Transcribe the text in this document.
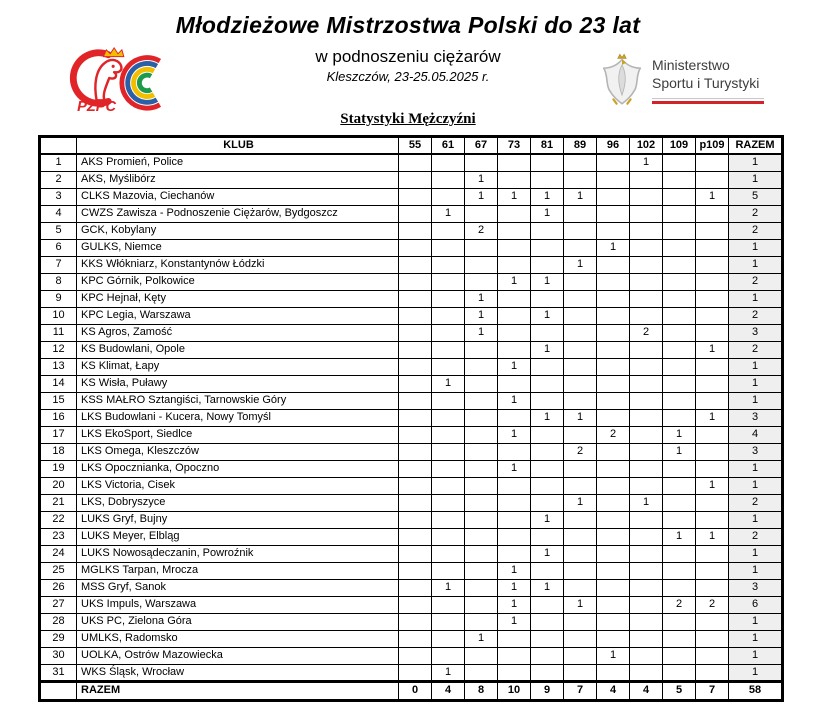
Młodzieżowe Mistrzostwa Polski do 23 lat
w podnoszeniu ciężarów
Kleszczów, 23-25.05.2025 r.
PZPC
Ministerstwo
Sportu i Turystyki
Statystyki Mężczyźni
	KLUB	55	61	67	73	81	89	96	102	109	p109	RAZEM
1	AKS Promień, Police								1			1
2	AKS, Myślibórz			1								1
3	CLKS Mazovia, Ciechanów			1	1	1	1				1	5
4	CWZS Zawisza - Podnoszenie Ciężarów, Bydgoszcz		1			1						2
5	GCK, Kobylany			2								2
6	GULKS, Niemce							1				1
7	KKS Włókniarz, Konstantynów Łódzki						1					1
8	KPC Górnik, Polkowice				1	1						2
9	KPC Hejnał, Kęty			1								1
10	KPC Legia, Warszawa			1		1						2
11	KS Agros, Zamość			1					2			3
12	KS Budowlani, Opole					1					1	2
13	KS Klimat, Łapy				1							1
14	KS Wisła, Puławy		1									1
15	KSS MAŁRO Sztangiści, Tarnowskie Góry				1							1
16	LKS Budowlani - Kucera, Nowy Tomyśl					1	1				1	3
17	LKS EkoSport, Siedlce				1			2		1		4
18	LKS Omega, Kleszczów						2			1		3
19	LKS Opocznianka, Opoczno				1							1
20	LKS Victoria, Cisek										1	1
21	LKS, Dobryszyce						1		1			2
22	LUKS Gryf, Bujny					1						1
23	LUKS Meyer, Elbląg									1	1	2
24	LUKS Nowosądeczanin, Powroźnik					1						1
25	MGLKS Tarpan, Mrocza				1							1
26	MSS Gryf, Sanok		1		1	1						3
27	UKS Impuls, Warszawa				1		1			2	2	6
28	UKS PC, Zielona Góra				1							1
29	UMLKS, Radomsko			1								1
30	UOLKA, Ostrów Mazowiecka							1				1
31	WKS Śląsk, Wrocław		1									1
	RAZEM	0	4	8	10	9	7	4	4	5	7	58
